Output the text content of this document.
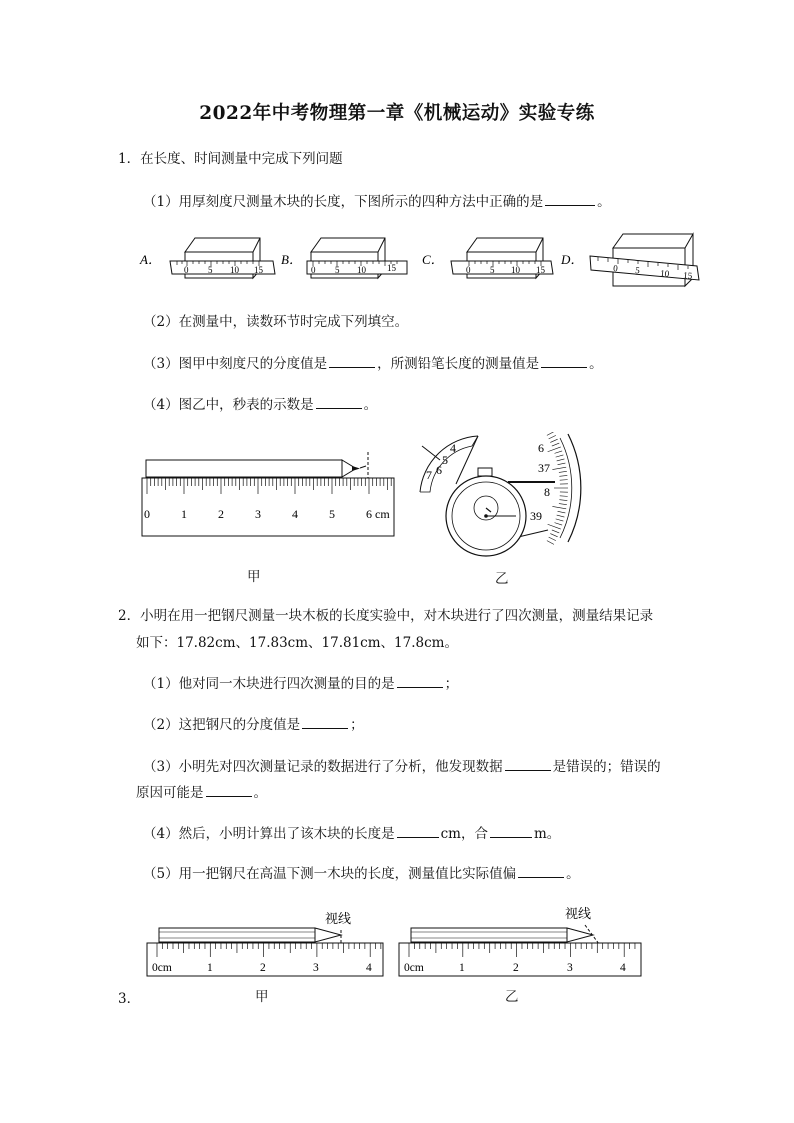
2022年中考物理第一章《机械运动》实验专练
1．在长度、时间测量中完成下列问题
（1）用厚刻度尺测量木块的长度，下图所示的四种方法中正确的是	。
A．
0 5 10 15
B．
0 5 10 15
C．
0 5 10 15
D．
0 5 10 15
（2）在测量中，读数环节时完成下列填空。
（3）图甲中刻度尺的分度值是	，所测铅笔长度的测量值是	。
（4）图乙中，秒表的示数是	。
0	1	2	3	4	5	6 cm
甲
4
5
6
7
6
37
8
39
乙
2．小明在用一把钢尺测量一块木板的长度实验中，对木块进行了四次测量，测量结果记录
如下：17.82cm、17.83cm、17.81cm、17.8cm。
（1）他对同一木块进行四次测量的目的是	；
（2）这把钢尺的分度值是	；
（3）小明先对四次测量记录的数据进行了分析，他发现数据	是错误的；错误的
原因可能是	。
（4）然后，小明计算出了该木块的长度是	cm，合	m。
（5）用一把钢尺在高温下测一木块的长度，测量值比实际值偏	。
视线
0cm	1	2	3	4
视线
0cm	1	2	3	4
甲	乙
3．
